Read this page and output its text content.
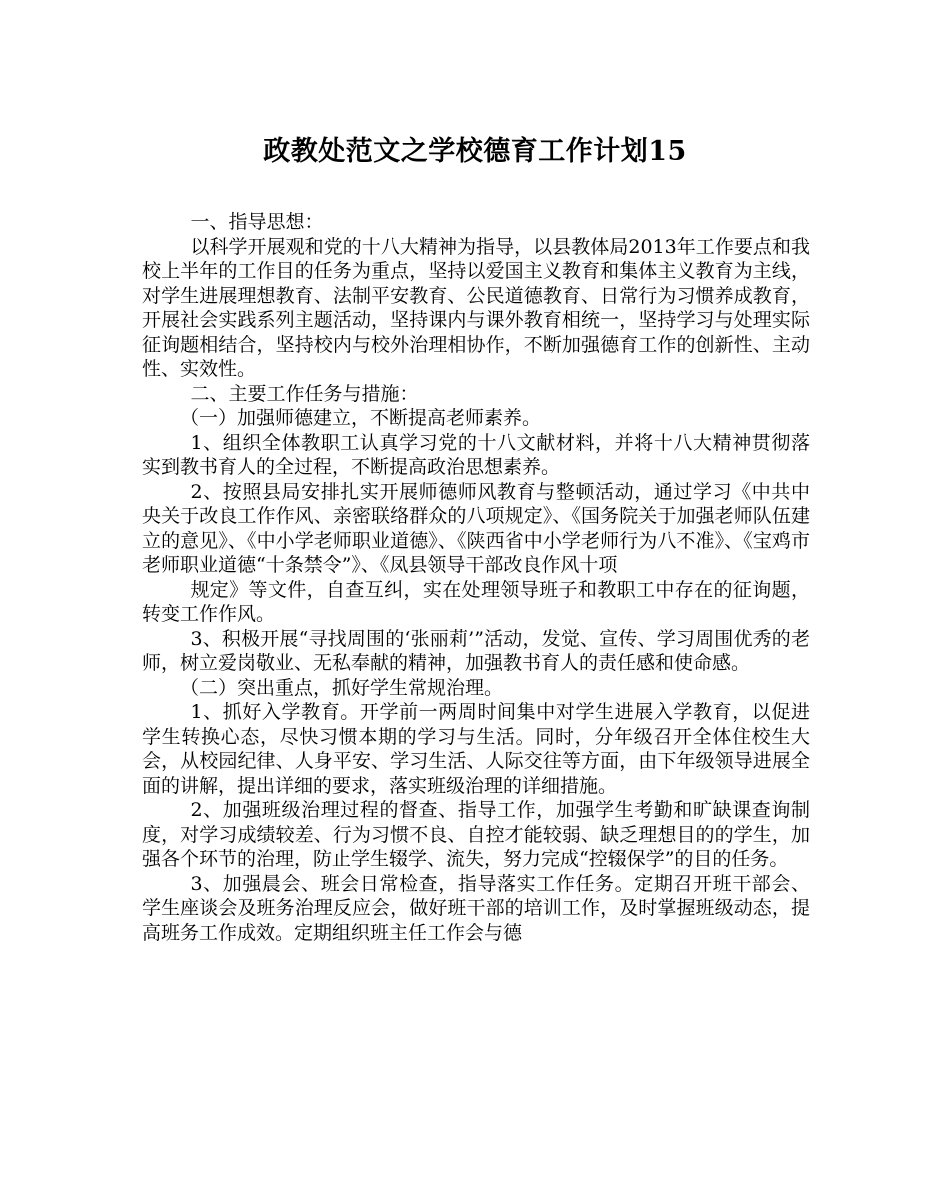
政教处范文之学校德育工作计划15

一、指导思想：

以科学开展观和党的十八大精神为指导，以县教体局2013年工作要点和我校上半年的工作目的任务为重点，坚持以爱国主义教育和集体主义教育为主线，对学生进展理想教育、法制平安教育、公民道德教育、日常行为习惯养成教育，开展社会实践系列主题活动，坚持课内与课外教育相统一，坚持学习与处理实际征询题相结合，坚持校内与校外治理相协作，不断加强德育工作的创新性、主动性、实效性。

二、主要工作任务与措施：

（一）加强师德建立，不断提高老师素养。

1、组织全体教职工认真学习党的十八文献材料，并将十八大精神贯彻落实到教书育人的全过程，不断提高政治思想素养。

2、按照县局安排扎实开展师德师风教育与整顿活动，通过学习《中共中央关于改良工作作风、亲密联络群众的八项规定》、《国务院关于加强老师队伍建立的意见》、《中小学老师职业道德》、《陕西省中小学老师行为八不准》、《宝鸡市老师职业道德“十条禁令”》、《凤县领导干部改良作风十项

规定》等文件，自查互纠，实在处理领导班子和教职工中存在的征询题，转变工作作风。

3、积极开展“寻找周围的‘张丽莉’”活动，发觉、宣传、学习周围优秀的老师，树立爱岗敬业、无私奉献的精神，加强教书育人的责任感和使命感。

（二）突出重点，抓好学生常规治理。

1、抓好入学教育。开学前一两周时间集中对学生进展入学教育，以促进学生转换心态，尽快习惯本期的学习与生活。同时，分年级召开全体住校生大会，从校园纪律、人身平安、学习生活、人际交往等方面，由下年级领导进展全面的讲解，提出详细的要求，落实班级治理的详细措施。

2、加强班级治理过程的督查、指导工作，加强学生考勤和旷缺课查询制度，对学习成绩较差、行为习惯不良、自控才能较弱、缺乏理想目的的学生，加强各个环节的治理，防止学生辍学、流失，努力完成“控辍保学”的目的任务。

3、加强晨会、班会日常检查，指导落实工作任务。定期召开班干部会、学生座谈会及班务治理反应会，做好班干部的培训工作，及时掌握班级动态，提高班务工作成效。定期组织班主任工作会与德
